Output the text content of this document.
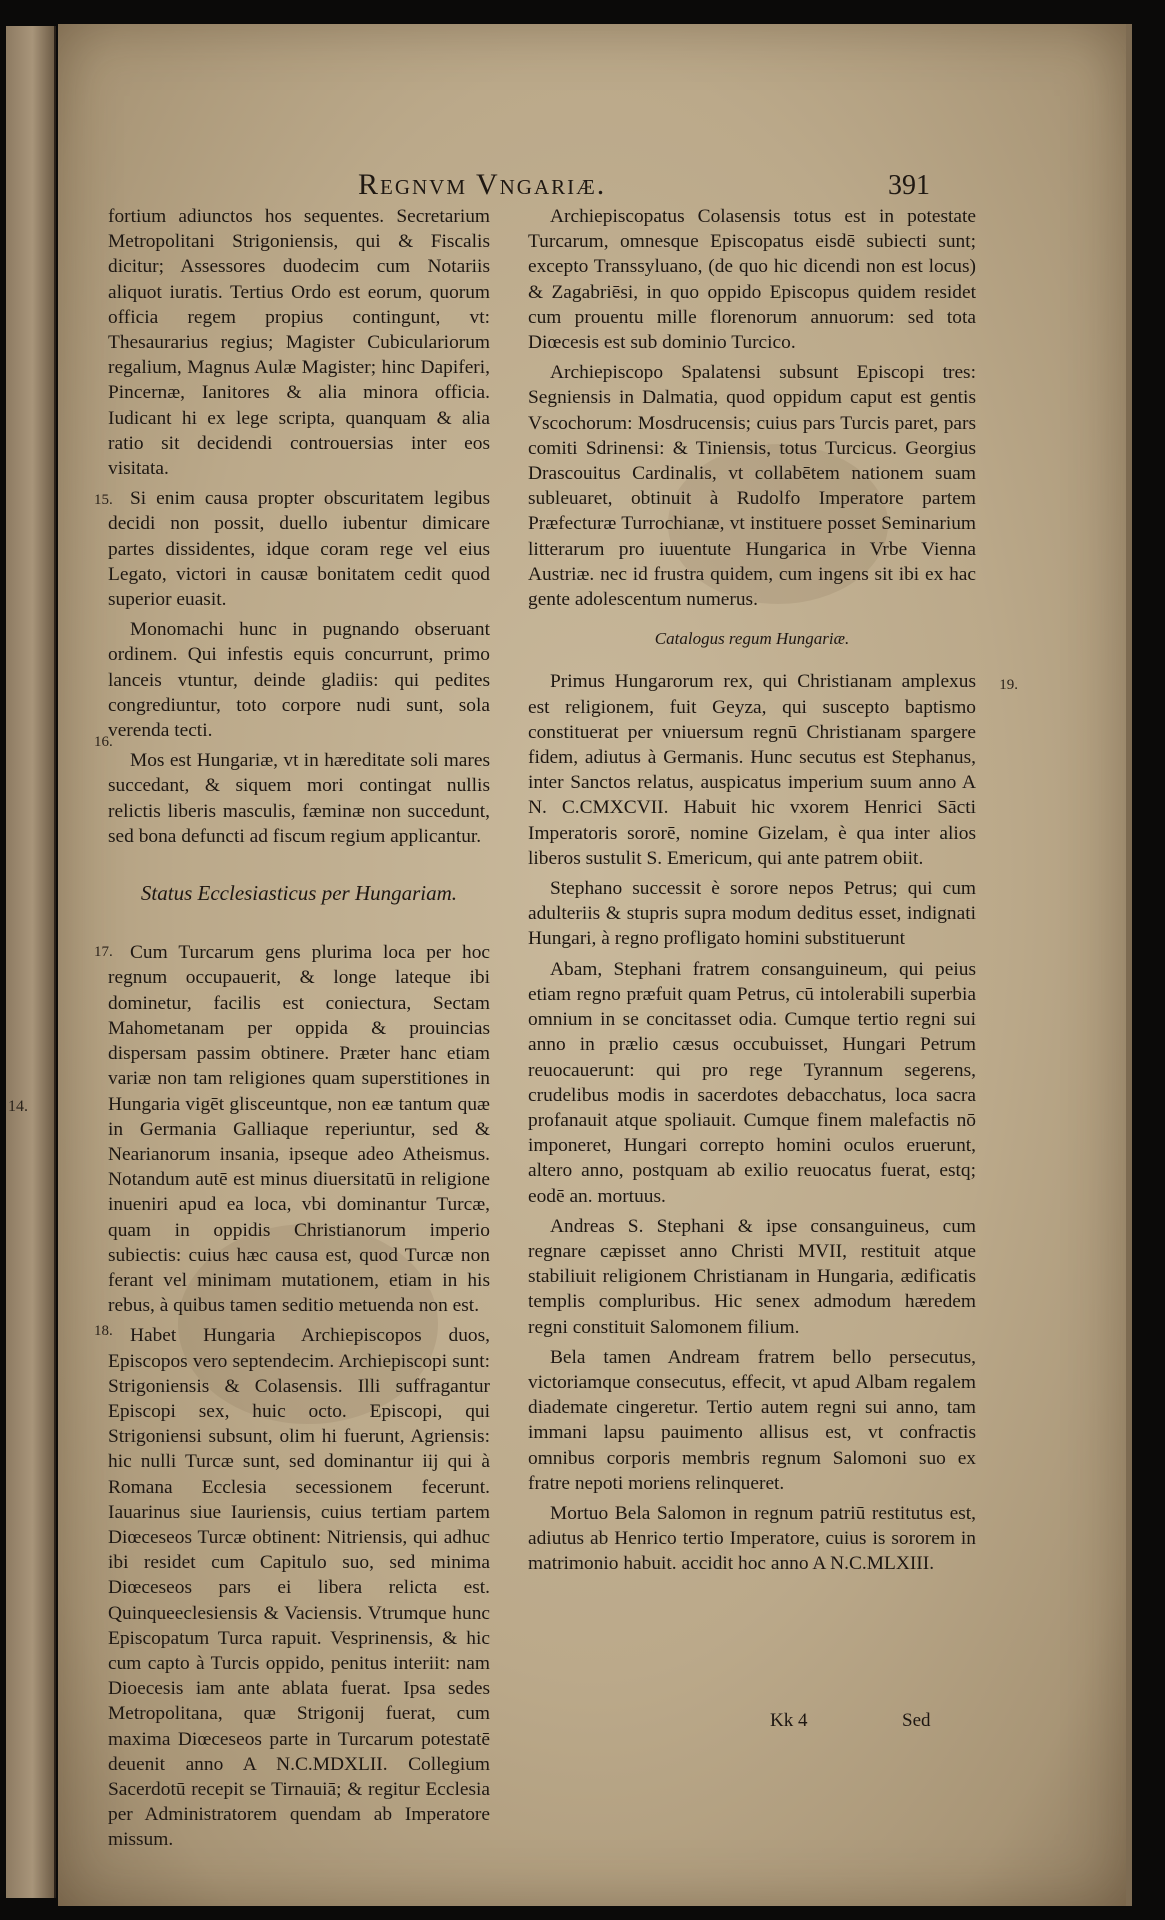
14.
Regnvm Vngariæ.	391

fortium adiunctos hos sequentes. Secretarium Metropolitani Strigoniensis, qui & Fiscalis dicitur; Assessores duodecim cum Notariis aliquot iuratis. Tertius Ordo est eorum, quorum officia regem propius contingunt, vt: Thesaurarius regius; Magister Cubiculariorum regalium, Magnus Aulæ Magister; hinc Dapiferi, Pincernæ, Ianitores & alia minora officia. Iudicant hi ex lege scripta, quanquam & alia ratio sit decidendi controuersias inter eos visitata.

15. Si enim causa propter obscuritatem legibus decidi non possit, duello iubentur dimicare partes dissidentes, idque coram rege vel eius Legato, victori in causæ bonitatem cedit quod superior euasit.

Monomachi hunc in pugnando obseruant ordinem. Qui infestis equis concurrunt, primo lanceis vtuntur, deinde gladiis: qui pedites congrediuntur, toto corpore nudi sunt, sola verenda tecti.

16.
Mos est Hungariæ, vt in hæreditate soli mares succedant, & siquem mori contingat nullis relictis liberis masculis, fæminæ non succedunt, sed bona defuncti ad fiscum regium applicantur.

Status Ecclesiasticus per Hungariam.

17. Cum Turcarum gens plurima loca per hoc regnum occupauerit, & longe lateque ibi dominetur, facilis est coniectura, Sectam Mahometanam per oppida & prouincias dispersam passim obtinere. Præter hanc etiam variæ non tam religiones quam superstitiones in Hungaria vigēt glisceuntque, non eæ tantum quæ in Germania Galliaque reperiuntur, sed & Nearianorum insania, ipseque adeo Atheismus. Notandum autē est minus diuersitatū in religione inueniri apud ea loca, vbi dominantur Turcæ, quam in oppidis Christianorum imperio subiectis: cuius hæc causa est, quod Turcæ non ferant vel minimam mutationem, etiam in his rebus, à quibus tamen seditio metuenda non est.

18. Habet Hungaria Archiepiscopos duos, Episcopos vero septendecim. Archiepiscopi sunt: Strigoniensis & Colasensis. Illi suffragantur Episcopi sex, huic octo. Episcopi, qui Strigoniensi subsunt, olim hi fuerunt, Agriensis: hic nulli Turcæ sunt, sed dominantur iij qui à Romana Ecclesia secessionem fecerunt. Iauarinus siue Iauriensis, cuius tertiam partem Diœceseos Turcæ obtinent: Nitriensis, qui adhuc ibi residet cum Capitulo suo, sed minima Diœceseos pars ei libera relicta est. Quinqueeclesiensis & Vaciensis. Vtrumque hunc Episcopatum Turca rapuit. Vesprinensis, & hic cum capto à Turcis oppido, penitus interiit: nam Dioecesis iam ante ablata fuerat. Ipsa sedes Metropolitana, quæ Strigonij fuerat, cum maxima Diœceseos parte in Turcarum potestatē deuenit anno A N.C.MDXLII. Collegium Sacerdotū recepit se Tirnauiā; & regitur Ecclesia per Administratorem quendam ab Imperatore missum.

Archiepiscopatus Colasensis totus est in potestate Turcarum, omnesque Episcopatus eisdē subiecti sunt; excepto Transsyluano, (de quo hic dicendi non est locus) & Zagabriēsi, in quo oppido Episcopus quidem residet cum prouentu mille florenorum annuorum: sed tota Diœcesis est sub dominio Turcico.

Archiepiscopo Spalatensi subsunt Episcopi tres: Segniensis in Dalmatia, quod oppidum caput est gentis Vscochorum: Mosdrucensis; cuius pars Turcis paret, pars comiti Sdrinensi: & Tiniensis, totus Turcicus. Georgius Drascouitus Cardinalis, vt collabētem nationem suam subleuaret, obtinuit à Rudolfo Imperatore partem Præfecturæ Turrochianæ, vt instituere posset Seminarium litterarum pro iuuentute Hungarica in Vrbe Vienna Austriæ. nec id frustra quidem, cum ingens sit ibi ex hac gente adolescentum numerus.

Catalogus regum Hungariæ.

19.
Primus Hungarorum rex, qui Christianam amplexus est religionem, fuit Geyza, qui suscepto baptismo constituerat per vniuersum regnū Christianam spargere fidem, adiutus à Germanis. Hunc secutus est Stephanus, inter Sanctos relatus, auspicatus imperium suum anno A N. C.CMXCVII. Habuit hic vxorem Henrici Sācti Imperatoris sororē, nomine Gizelam, è qua inter alios liberos sustulit S. Emericum, qui ante patrem obiit.

Stephano successit è sorore nepos Petrus; qui cum adulteriis & stupris supra modum deditus esset, indignati Hungari, à regno profligato homini substituerunt

Abam, Stephani fratrem consanguineum, qui peius etiam regno præfuit quam Petrus, cū intolerabili superbia omnium in se concitasset odia. Cumque tertio regni sui anno in prælio cæsus occubuisset, Hungari Petrum reuocauerunt: qui pro rege Tyrannum segerens, crudelibus modis in sacerdotes debacchatus, loca sacra profanauit atque spoliauit. Cumque finem malefactis nō imponeret, Hungari correpto homini oculos eruerunt, altero anno, postquam ab exilio reuocatus fuerat, estq; eodē an. mortuus.

Andreas S. Stephani & ipse consanguineus, cum regnare cæpisset anno Christi MVII, restituit atque stabiliuit religionem Christianam in Hungaria, ædificatis templis compluribus. Hic senex admodum hæredem regni constituit Salomonem filium.

Bela tamen Andream fratrem bello persecutus, victoriamque consecutus, effecit, vt apud Albam regalem diademate cingeretur. Tertio autem regni sui anno, tam immani lapsu pauimento allisus est, vt confractis omnibus corporis membris regnum Salomoni suo ex fratre nepoti moriens relinqueret.

Mortuo Bela Salomon in regnum patriū restitutus est, adiutus ab Henrico tertio Imperatore, cuius is sororem in matrimonio habuit. accidit hoc anno A N.C.MLXIII.

Kk 4	Sed
